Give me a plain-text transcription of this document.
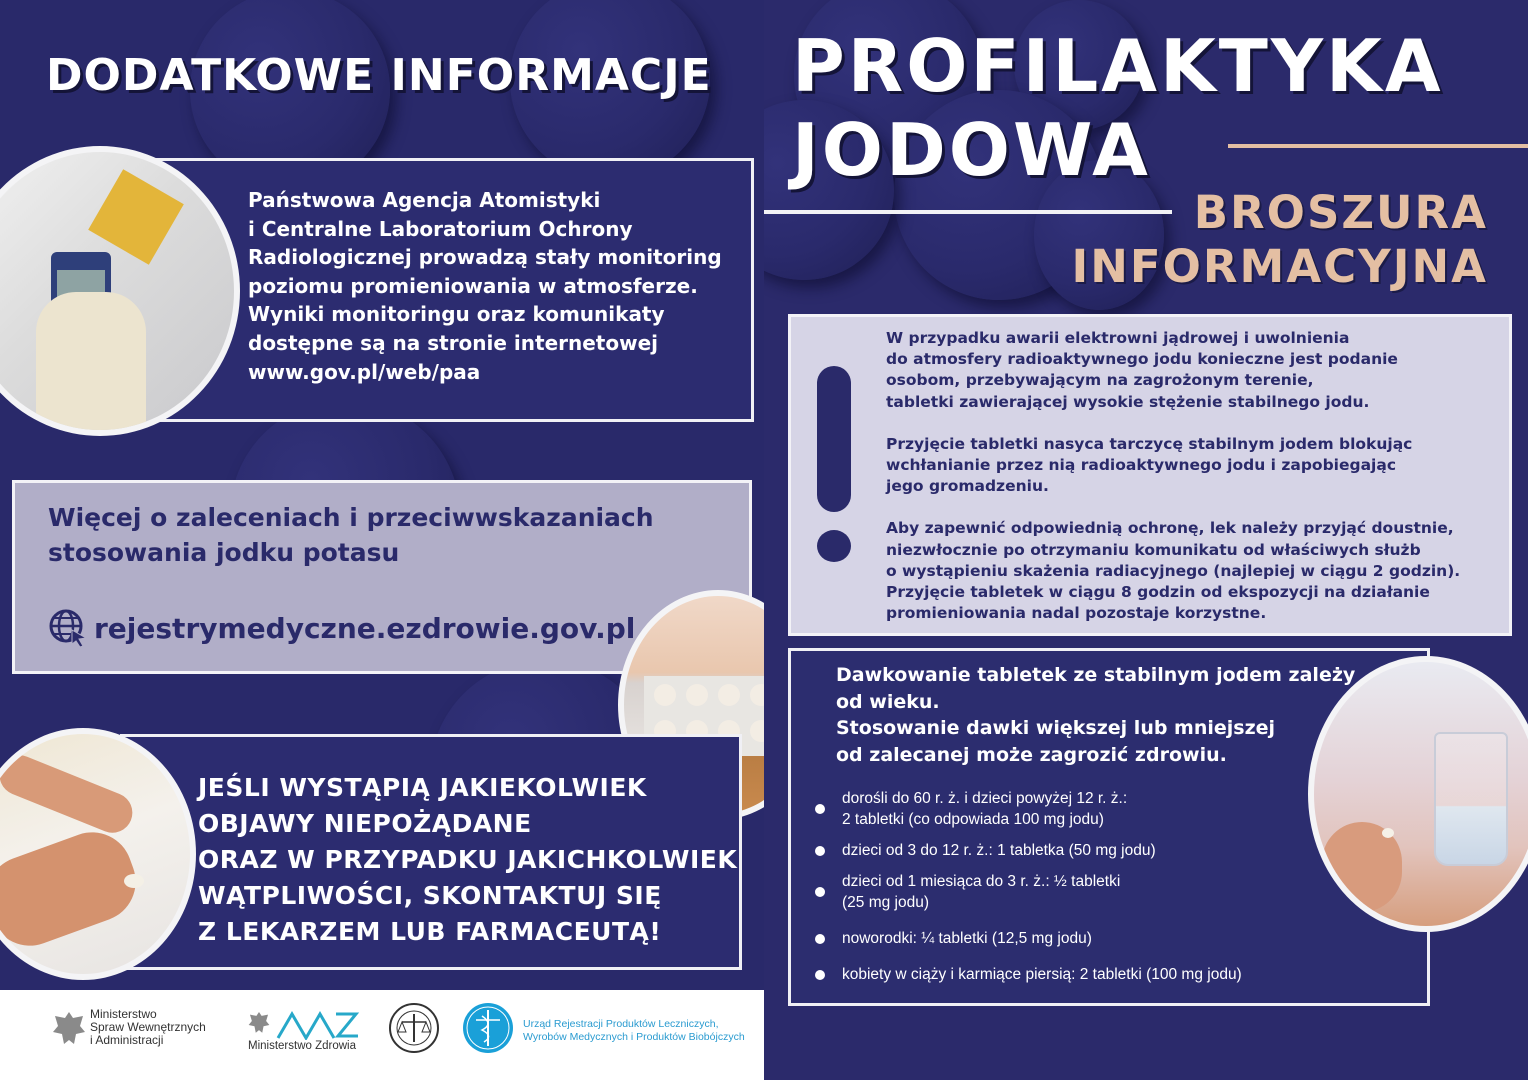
DODATKOWE INFORMACJE
Państwowa Agencja Atomistyki
i Centralne Laboratorium Ochrony
Radiologicznej prowadzą stały monitoring
poziomu promieniowania w atmosferze.
Wyniki monitoringu oraz komunikaty
dostępne są na stronie internetowej
www.gov.pl/web/paa
Więcej o zaleceniach i przeciwwskazaniach
stosowania jodku potasu
rejestrymedyczne.ezdrowie.gov.pl
JEŚLI WYSTĄPIĄ JAKIEKOLWIEK
OBJAWY NIEPOŻĄDANE
ORAZ W PRZYPADKU JAKICHKOLWIEK
WĄTPLIWOŚCI, SKONTAKTUJ SIĘ
Z LEKARZEM LUB FARMACEUTĄ!
Ministerstwo
Spraw Wewnętrznych
i Administracji	Ministerstwo Zdrowia
Urząd Rejestracji Produktów Leczniczych,
Wyrobów Medycznych i Produktów Biobójczych
PROFILAKTYKA
JODOWA
BROSZURA
INFORMACYJNA
W przypadku awarii elektrowni jądrowej i uwolnienia
do atmosfery radioaktywnego jodu konieczne jest podanie
osobom, przebywającym na zagrożonym terenie,
tabletki zawierającej wysokie stężenie stabilnego jodu.
Przyjęcie tabletki nasyca tarczycę stabilnym jodem blokując
wchłanianie przez nią radioaktywnego jodu i zapobiegając
jego gromadzeniu.
Aby zapewnić odpowiednią ochronę, lek należy przyjąć doustnie,
niezwłocznie po otrzymaniu komunikatu od właściwych służb
o wystąpieniu skażenia radiacyjnego (najlepiej w ciągu 2 godzin).
Przyjęcie tabletek w ciągu 8 godzin od ekspozycji na działanie
promieniowania nadal pozostaje korzystne.
Dawkowanie tabletek ze stabilnym jodem zależy
od wieku.
Stosowanie dawki większej lub mniejszej
od zalecanej może zagrozić zdrowiu.
dorośli do 60 r. ż. i dzieci powyżej 12 r. ż.:
2 tabletki (co odpowiada 100 mg jodu)
dzieci od 3 do 12 r. ż.: 1 tabletka (50 mg jodu)
dzieci od 1 miesiąca do 3 r. ż.: ½ tabletki
(25 mg jodu)
noworodki: ¼ tabletki (12,5 mg jodu)
kobiety w ciąży i karmiące piersią: 2 tabletki (100 mg jodu)
